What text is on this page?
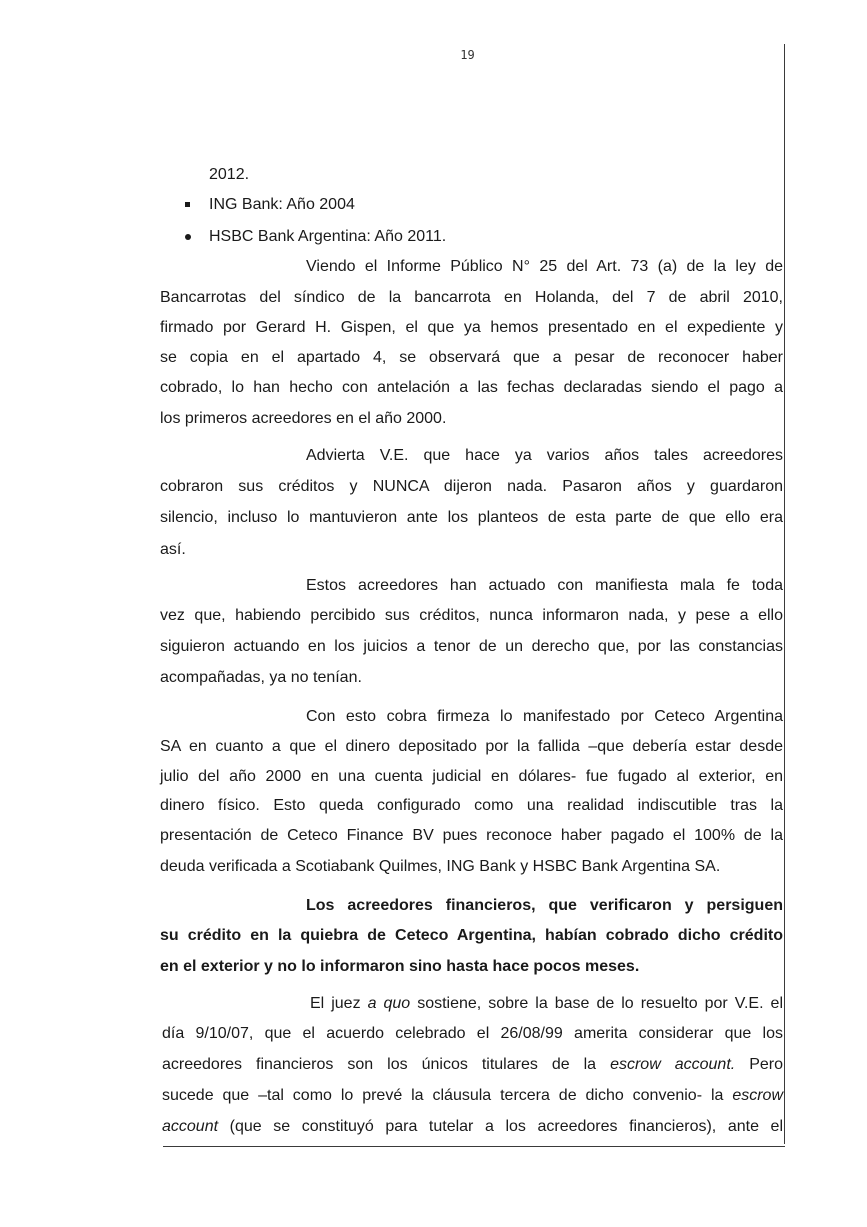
19
2012.
ING Bank: Año 2004
HSBC Bank Argentina: Año 2011.
Viendo el Informe Público N° 25 del Art. 73 (a) de la ley de
Bancarrotas del síndico de la bancarrota en Holanda, del 7 de abril 2010,
firmado por Gerard H. Gispen, el que ya hemos presentado en el expediente y
se copia en el apartado 4, se observará que a pesar de reconocer haber
cobrado, lo han hecho con antelación a las fechas declaradas siendo el pago a
los primeros acreedores en el año 2000.
Advierta V.E. que hace ya varios años tales acreedores
cobraron sus créditos y NUNCA dijeron nada. Pasaron años y guardaron
silencio, incluso lo mantuvieron ante los planteos de esta parte de que ello era
así.
Estos acreedores han actuado con manifiesta mala fe toda
vez que, habiendo percibido sus créditos, nunca informaron nada, y pese a ello
siguieron actuando en los juicios a tenor de un derecho que, por las constancias
acompañadas, ya no tenían.
Con esto cobra firmeza lo manifestado por Ceteco Argentina
SA en cuanto a que el dinero depositado por la fallida –que debería estar desde
julio del año 2000 en una cuenta judicial en dólares- fue fugado al exterior, en
dinero físico. Esto queda configurado como una realidad indiscutible tras la
presentación de Ceteco Finance BV pues reconoce haber pagado el 100% de la
deuda verificada a Scotiabank Quilmes, ING Bank y HSBC Bank Argentina SA.
Los acreedores financieros, que verificaron y persiguen
su crédito en la quiebra de Ceteco Argentina, habían cobrado dicho crédito
en el exterior y no lo informaron sino hasta hace pocos meses.
El juez a quo sostiene, sobre la base de lo resuelto por V.E. el
día 9/10/07, que el acuerdo celebrado el 26/08/99 amerita considerar que los
acreedores financieros son los únicos titulares de la escrow account. Pero
sucede que –tal como lo prevé la cláusula tercera de dicho convenio- la escrow
account (que se constituyó para tutelar a los acreedores financieros), ante el
